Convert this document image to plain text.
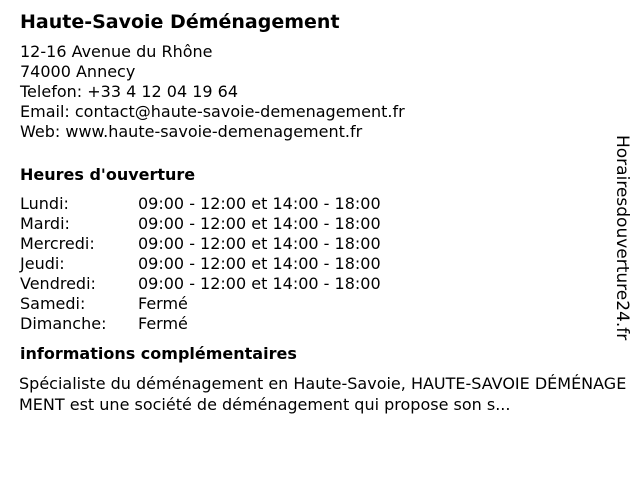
Haute-Savoie Déménagement
12-16 Avenue du Rhône
74000 Annecy
Telefon: +33 4 12 04 19 64
Email: contact@haute-savoie-demenagement.fr
Web: www.haute-savoie-demenagement.fr
Heures d'ouverture
Lundi:	09:00 - 12:00 et 14:00 - 18:00
Mardi:	09:00 - 12:00 et 14:00 - 18:00
Mercredi:	09:00 - 12:00 et 14:00 - 18:00
Jeudi:	09:00 - 12:00 et 14:00 - 18:00
Vendredi:	09:00 - 12:00 et 14:00 - 18:00
Samedi:	Fermé
Dimanche:	Fermé
informations complémentaires
Spécialiste du déménagement en Haute-Savoie, HAUTE-SAVOIE DÉMÉNAGEMENT est une société de déménagement qui propose son s...
Horairesdouverture24.fr
